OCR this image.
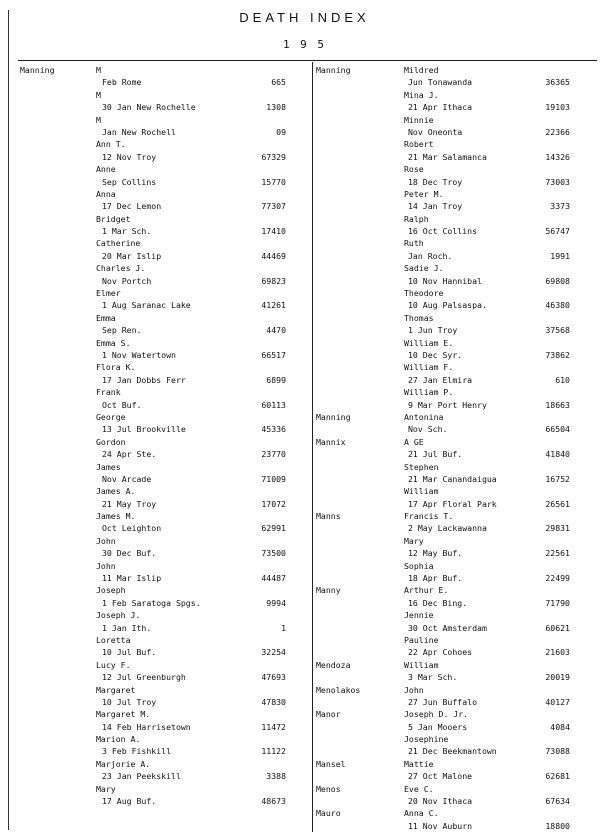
DEATH INDEX
1 9 5
Manning	M
Feb Rome	665
M
30 Jan New Rochelle	1308
M
Jan New Rochell	09
Ann T.
12 Nov Troy	67329
Anne
Sep Collins	15770
Anna
17 Dec Lemon	77307
Bridget
1 Mar Sch.	17410
Catherine
20 Mar Islip	44469
Charles J.
Nov Portch	69823
Elmer
1 Aug Saranac Lake	41261
Emma
Sep Ren.	4470
Emma S.
1 Nov Watertown	66517
Flora K.
17 Jan Dobbs Ferr	6899
Frank
Oct Buf.	60113
George
13 Jul Brookville	45336
Gordon
24 Apr Ste.	23770
James
Nov Arcade	71009
James A.
21 May Troy	17072
James M.
Oct Leighton	62991
John
30 Dec Buf.	73500
John
11 Mar Islip	44487
Joseph
1 Feb Saratoga Spgs.	9994
Joseph J.
1 Jan Ith.	1
Loretta
10 Jul Buf.	32254
Lucy F.
12 Jul Greenburgh	47693
Margaret
10 Jul Troy	47830
Margaret M.
14 Feb Harrisetown	11472
Marion A.
3 Feb Fishkill	11122
Marjorie A.
23 Jan Peekskill	3388
Mary
17 Aug Buf.	48673
Manning	Mildred
Jun Tonawanda	36365
Mina J.
21 Apr Ithaca	19103
Minnie
Nov Oneonta	22366
Robert
21 Mar Salamanca	14326
Rose
18 Dec Troy	73003
Peter M.
14 Jan Troy	3373
Ralph
16 Oct Collins	56747
Ruth
Jan Roch.	1991
Sadie J.
10 Nov Hannibal	69808
Theodore
10 Aug Palsaspa.	46380
Thomas
1 Jun Troy	37568
William E.
10 Dec Syr.	73862
William F.
27 Jan Elmira	610
William P.
9 Mar Port Henry	18663
Manning	Antonina
Nov Sch.	66504
Mannix	A GE
21 Jul Buf.	41840
Stephen
21 Mar Canandaigua	16752
William
17 Apr Floral Park	26561
Manns	Francis T.
2 May Lackawanna	29831
Mary
12 May Buf.	22561
Sophia
18 Apr Buf.	22499
Manny	Arthur E.
16 Dec Bing.	71790
Jennie
30 Oct Amsterdam	60621
Pauline
22 Apr Cohoes	21603
Mendoza	William
3 Mar Sch.	20019
Menolakos	John
27 Jun Buffalo	40127
Manor	Joseph D. Jr.
5 Jan Mooers	4084
Josephine
21 Dec Beekmantown	73088
Mansel	Mattie
27 Oct Malone	62681
Menos	Eve C.
20 Nov Ithaca	67634
Mauro	Anna C.
11 Nov Auburn	18800
